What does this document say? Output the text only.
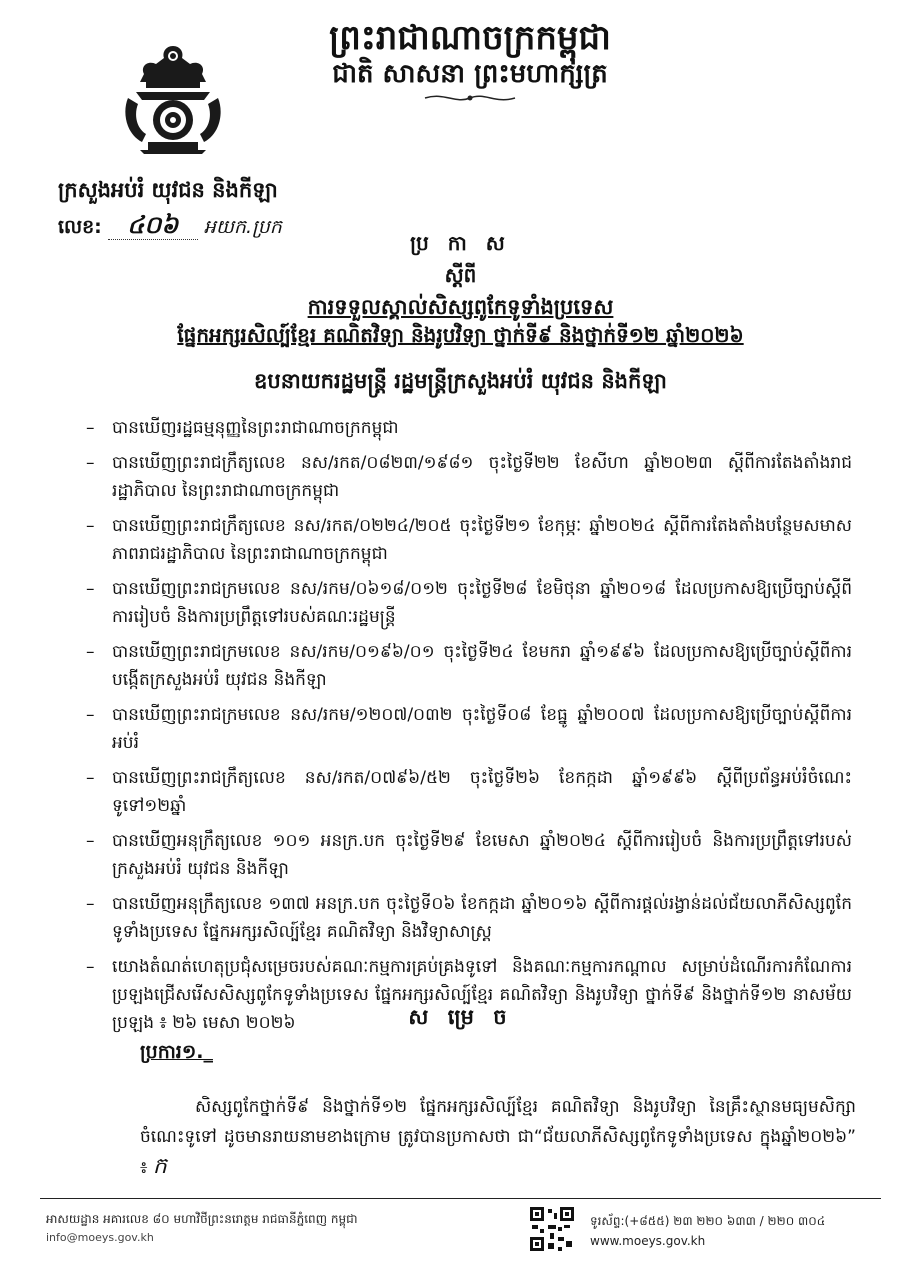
ព្រះរាជាណាចក្រកម្ពុជា
ជាតិ សាសនា ព្រះមហាក្សត្រ
ក្រសួងអប់រំ យុវជន និងកីឡា
លេខ:	៤០៦	អយក.ប្រក
ប្រ កា ស
ស្តីពី
ការទទួលស្គាល់សិស្សពូកែទូទាំងប្រទេស
ផ្នែកអក្សរសិល្ប៍ខ្មែរ គណិតវិទ្យា និងរូបវិទ្យា ថ្នាក់ទី៩ និងថ្នាក់ទី១២ ឆ្នាំ២០២៦
ឧបនាយករដ្ឋមន្ត្រី រដ្ឋមន្ត្រីក្រសួងអប់រំ យុវជន និងកីឡា
– បានឃើញរដ្ឋធម្មនុញ្ញនៃព្រះរាជាណាចក្រកម្ពុជា
– បានឃើញព្រះរាជក្រឹត្យលេខ នស/រកត/០៨២៣/១៩៨១ ចុះថ្ងៃទី២២ ខែសីហា ឆ្នាំ២០២៣ ស្តីពីការតែងតាំងរាជរដ្ឋាភិបាល នៃព្រះរាជាណាចក្រកម្ពុជា
– បានឃើញព្រះរាជក្រឹត្យលេខ នស/រកត/០២២៤/២០៥ ចុះថ្ងៃទី២១ ខែកុម្ភៈ ឆ្នាំ២០២៤ ស្តីពីការតែងតាំងបន្ថែមសមាសភាពរាជរដ្ឋាភិបាល នៃព្រះរាជាណាចក្រកម្ពុជា
– បានឃើញព្រះរាជក្រមលេខ នស/រកម/០៦១៨/០១២ ចុះថ្ងៃទី២៨ ខែមិថុនា ឆ្នាំ២០១៨ ដែលប្រកាសឱ្យប្រើច្បាប់ស្តីពីការរៀបចំ និងការប្រព្រឹត្តទៅរបស់គណៈរដ្ឋមន្ត្រី
– បានឃើញព្រះរាជក្រមលេខ នស/រកម/០១៩៦/០១ ចុះថ្ងៃទី២៤ ខែមករា ឆ្នាំ១៩៩៦ ដែលប្រកាសឱ្យប្រើច្បាប់ស្តីពីការបង្កើតក្រសួងអប់រំ យុវជន និងកីឡា
– បានឃើញព្រះរាជក្រមលេខ នស/រកម/១២០៧/០៣២ ចុះថ្ងៃទី០៨ ខែធ្នូ ឆ្នាំ២០០៧ ដែលប្រកាសឱ្យប្រើច្បាប់ស្តីពីការអប់រំ
– បានឃើញព្រះរាជក្រឹត្យលេខ នស/រកត/០៧៩៦/៥២ ចុះថ្ងៃទី២៦ ខែកក្កដា ឆ្នាំ១៩៩៦ ស្តីពីប្រព័ន្ធអប់រំចំណេះទូទៅ១២ឆ្នាំ
– បានឃើញអនុក្រឹត្យលេខ ១០១ អនក្រ.បក ចុះថ្ងៃទី២៩ ខែមេសា ឆ្នាំ២០២៤ ស្តីពីការរៀបចំ និងការប្រព្រឹត្តទៅរបស់ក្រសួងអប់រំ យុវជន និងកីឡា
– បានឃើញអនុក្រឹត្យលេខ ១៣៧ អនក្រ.បក ចុះថ្ងៃទី០៦ ខែកក្កដា ឆ្នាំ២០១៦ ស្តីពីការផ្តល់រង្វាន់ដល់ជ័យលាភីសិស្សពូកែទូទាំងប្រទេស ផ្នែកអក្សរសិល្ប៍ខ្មែរ គណិតវិទ្យា និងវិទ្យាសាស្ត្រ
– យោងតំណត់ហេតុប្រជុំសម្រេចរបស់គណៈកម្មការគ្រប់គ្រងទូទៅ និងគណៈកម្មការកណ្តាល សម្រាប់ដំណើរការកំណែការប្រឡងជ្រើសរើសសិស្សពូកែទូទាំងប្រទេស ផ្នែកអក្សរសិល្ប៍ខ្មែរ គណិតវិទ្យា និងរូបវិទ្យា ថ្នាក់ទី៩ និងថ្នាក់ទី១២ នាសម័យប្រឡង ៖ ២៦ មេសា ២០២៦	ស ម្រេ ច
ប្រការ១._
សិស្សពូកែថ្នាក់ទី៩ និងថ្នាក់ទី១២ ផ្នែកអក្សរសិល្ប៍ខ្មែរ គណិតវិទ្យា និងរូបវិទ្យា នៃគ្រឹះស្ថានមធ្យមសិក្សាចំណេះទូទៅ ដូចមានរាយនាមខាងក្រោម ត្រូវបានប្រកាសថា ជា“ជ័យលាភីសិស្សពូកែទូទាំងប្រទេស ក្នុងឆ្នាំ២០២៦” ៖ ក
អាសយដ្ឋាន អគារលេខ ៨០ មហាវិថីព្រះនរោត្តម រាជធានីភ្នំពេញ កម្ពុជា
info@moeys.gov.kh
ទូរស័ព្ទ:(+៨៥៥) ២៣ ២២០ ៦៣៣ / ២២០ ៣០៤
www.moeys.gov.kh
